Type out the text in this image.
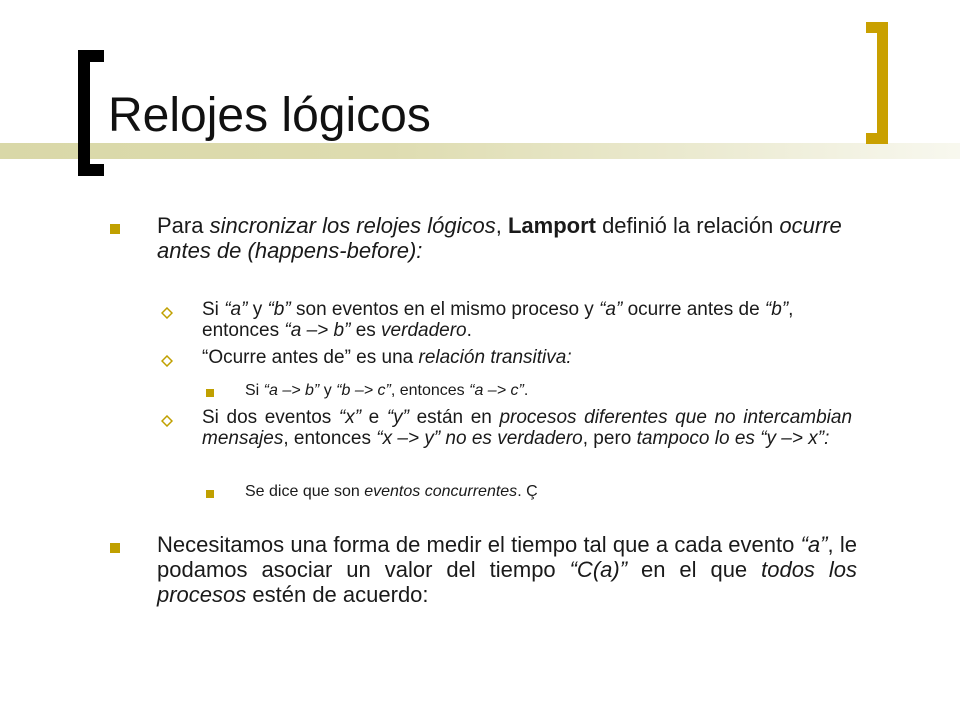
Relojes lógicos
Para sincronizar los relojes lógicos, Lamport definió la relación ocurre antes de (happens-before):
Si “a” y “b” son eventos en el mismo proceso y “a” ocurre antes de “b”, entonces “a –> b” es verdadero.
“Ocurre antes de” es una relación transitiva:
Si “a –> b” y “b –> c”, entonces “a –> c”.
Si dos eventos “x” e “y” están en procesos diferentes que no intercambian mensajes, entonces “x –> y” no es verdadero, pero tampoco lo es “y –> x”:
Se dice que son eventos concurrentes. Ç
Necesitamos una forma de medir el tiempo tal que a cada evento “a”, le podamos asociar un valor del tiempo “C(a)” en el que todos los procesos estén de acuerdo:
